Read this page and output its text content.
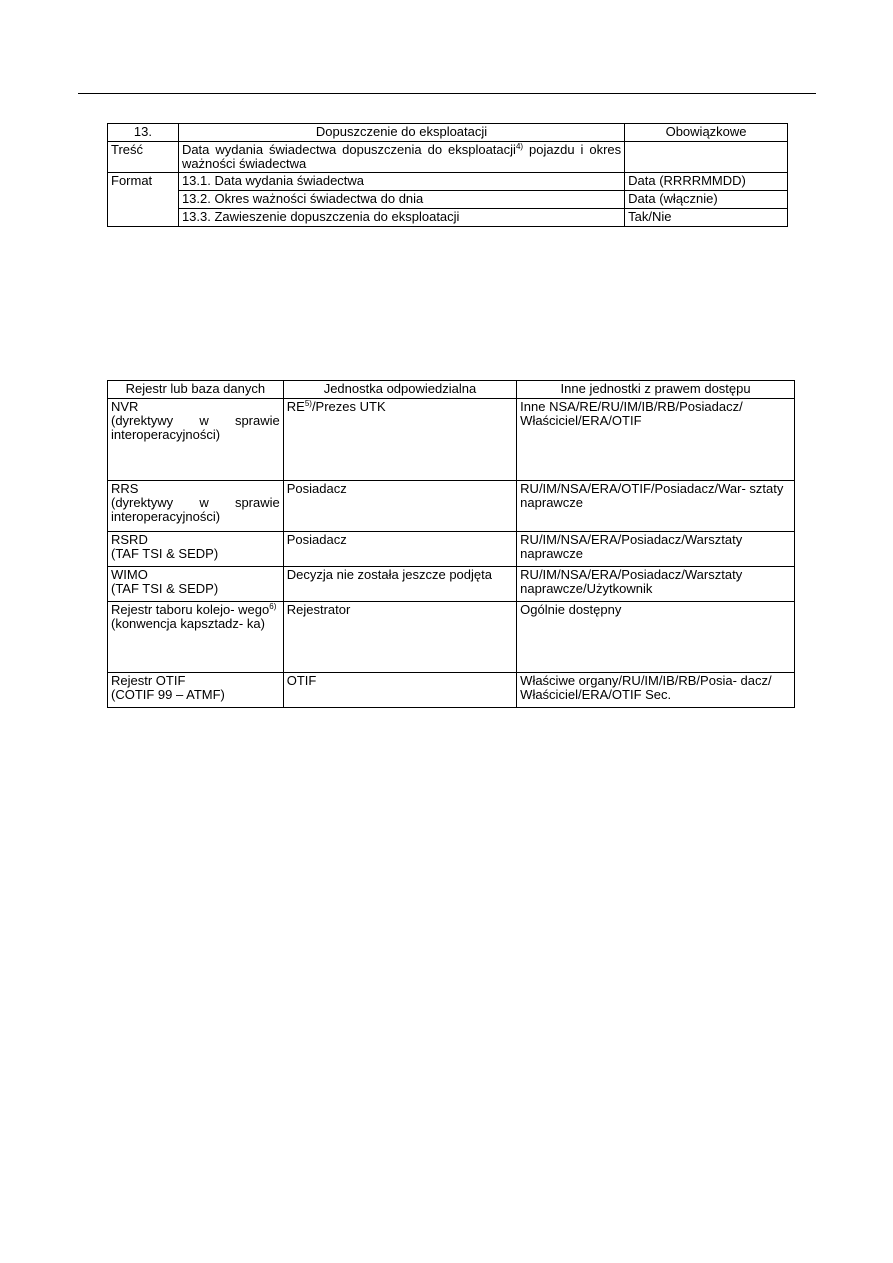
13.	Dopuszczenie do eksploatacji	Obowiązkowe
Treść	Data wydania świadectwa dopuszczenia do eksploatacji$^{4)}$ pojazdu i okres ważności świadectwa	
Format	13.1. Data wydania świadectwa	Data (RRRRMMDD)
	13.2. Okres ważności świadectwa do dnia	Data (włącznie)
	13.3. Zawieszenie dopuszczenia do eksploatacji	Tak/Nie
Rejestr lub baza danych	Jednostka odpowiedzialna	Inne jednostki z prawem dostępu

NVR
(dyrektywy w sprawie interoperacyjności)	RE$^{5)}$/Prezes UTK	Inne NSA/RE/RU/IM/IB/RB/Posiadacz/ Właściciel/ERA/OTIF

RRS
(dyrektywy w sprawie interoperacyjności)	Posiadacz	RU/IM/NSA/ERA/OTIF/Posiadacz/War- sztaty naprawcze

RSRD
(TAF TSI & SEDP)	Posiadacz	RU/IM/NSA/ERA/Posiadacz/Warsztaty naprawcze

WIMO
(TAF TSI & SEDP)	Decyzja nie została jeszcze podjęta	RU/IM/NSA/ERA/Posiadacz/Warsztaty naprawcze/Użytkownik

Rejestr taboru kolejo- wego$^{6)}$
(konwencja kapsztadz- ka)	Rejestrator	Ogólnie dostępny

Rejestr OTIF
(COTIF 99 – ATMF)	OTIF	Właściwe organy/RU/IM/IB/RB/Posia- dacz/ Właściciel/ERA/OTIF Sec.
